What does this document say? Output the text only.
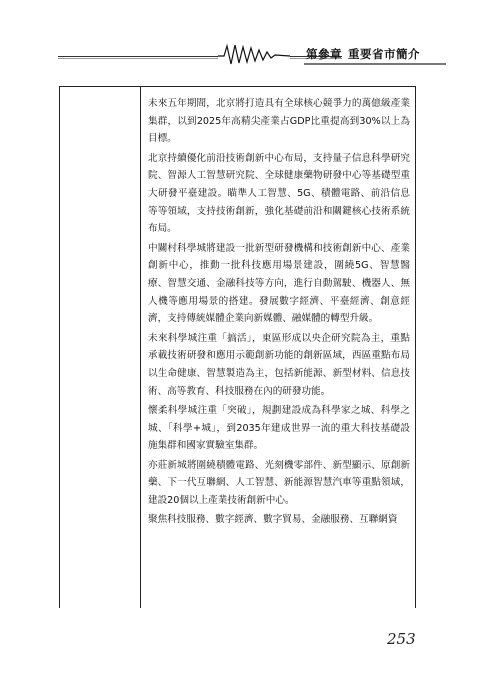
第參章 重要省市簡介

未來五年期間，北京將打造具有全球核心競爭力的萬億級產業集群，以到2025年高精尖產業占GDP比重提高到30%以上為目標。

北京持續優化前沿技術創新中心布局，支持量子信息科學研究院、智源人工智慧研究院、全球健康藥物研發中心等基礎型重大研發平臺建設。瞄準人工智慧、5G、積體電路、前沿信息等等領域，支持技術創新，強化基礎前沿和關鍵核心技術系統布局。

中關村科學城將建設一批新型研發機構和技術創新中心、產業創新中心，推動一批科技應用場景建設，圍繞5G、智慧醫療、智慧交通、金融科技等方向，進行自動駕駛、機器人、無人機等應用場景的搭建。發展數字經濟、平臺經濟、創意經濟，支持傳統媒體企業向新媒體、融媒體的轉型升級。

未來科學城注重「搞活」，東區形成以央企研究院為主，重點承載技術研發和應用示範創新功能的創新區域，西區重點布局以生命健康、智慧製造為主，包括新能源、新型材料、信息技術、高等教育、科技服務在內的研發功能。

懷柔科學城注重「突破」，規劃建設成為科學家之城、科學之城、「科學+城」，到2035年建成世界一流的重大科技基礎設施集群和國家實驗室集群。

亦莊新城將圍繞積體電路、光刻機零部件、新型顯示、原創新藥、下一代互聯網、人工智慧、新能源智慧汽車等重點領域，建設20個以上產業技術創新中心。

聚焦科技服務、數字經濟、數字貿易、金融服務、互聯網資

253
